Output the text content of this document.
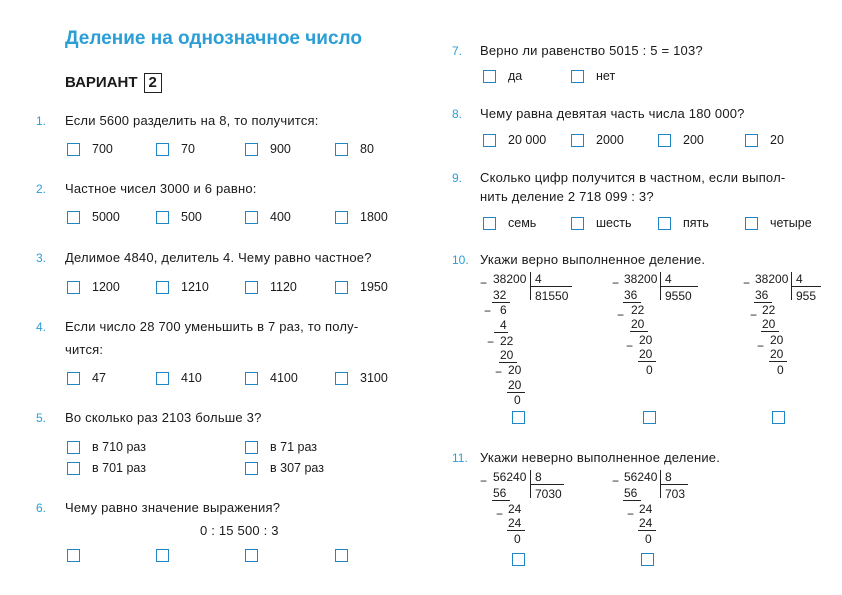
Деление на однозначное число
ВАРИАНТ 2
1. Если 5600 разделить на 8, то получится:
700	70	900	80
2. Частное чисел 3000 и 6 равно:
5000	500	400	1800
3. Делимое 4840, делитель 4. Чему равно частное?
1200	1210	1120	1950
4. Если число 28 700 уменьшить в 7 раз, то полу-
чится:
47	410	4100	3100
5. Во сколько раз 2103 больше 3?
в 710 раз	в 71 раз
в 701 раз	в 307 раз
6. Чему равно значение выражения?
0 : 15 500 : 3
7. Верно ли равенство 5015 : 5 = 103?
да	нет
8. Чему равна девятая часть числа 180 000?
20 000	2000	200	20
9. Сколько цифр получится в частном, если выпол-
нить деление 2 718 099 : 3?
семь	шесть	пять	четыре
10. Укажи верно выполненное деление.
− 38200 4
81550
32
− 6
4
− 22
20
− 20
20
0
− 38200 4
9550
36
− 22
20
− 20
20
0
− 38200 4
955
36
− 22
20
− 20
20
0
11. Укажи неверно выполненное деление.
− 56240 8
7030
56
− 24
24
0
− 56240 8
703
56
− 24
24
0
